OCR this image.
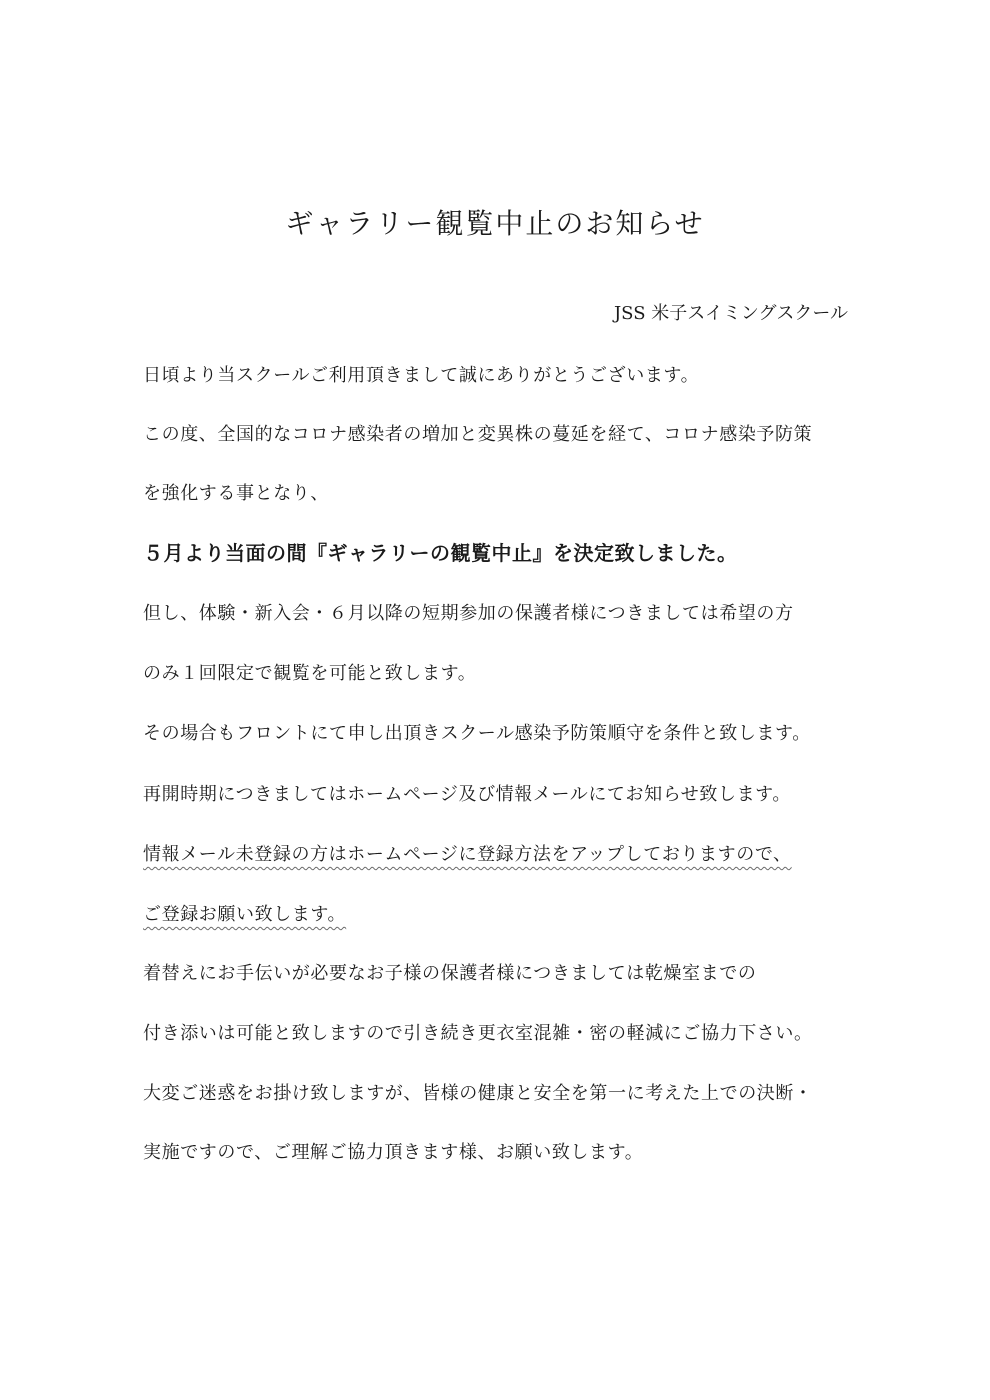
ギャラリー観覧中止のお知らせ
JSS 米子スイミングスクール
日頃より当スクールご利用頂きまして誠にありがとうございます。
この度、全国的なコロナ感染者の増加と変異株の蔓延を経て、コロナ感染予防策
を強化する事となり、
５月より当面の間『ギャラリーの観覧中止』を決定致しました。
但し、体験・新入会・６月以降の短期参加の保護者様につきましては希望の方
のみ１回限定で観覧を可能と致します。
その場合もフロントにて申し出頂きスクール感染予防策順守を条件と致します。
再開時期につきましてはホームページ及び情報メールにてお知らせ致します。
情報メール未登録の方はホームページに登録方法をアップしておりますので、
ご登録お願い致します。
着替えにお手伝いが必要なお子様の保護者様につきましては乾燥室までの
付き添いは可能と致しますので引き続き更衣室混雑・密の軽減にご協力下さい。
大変ご迷惑をお掛け致しますが、皆様の健康と安全を第一に考えた上での決断・
実施ですので、ご理解ご協力頂きます様、お願い致します。
